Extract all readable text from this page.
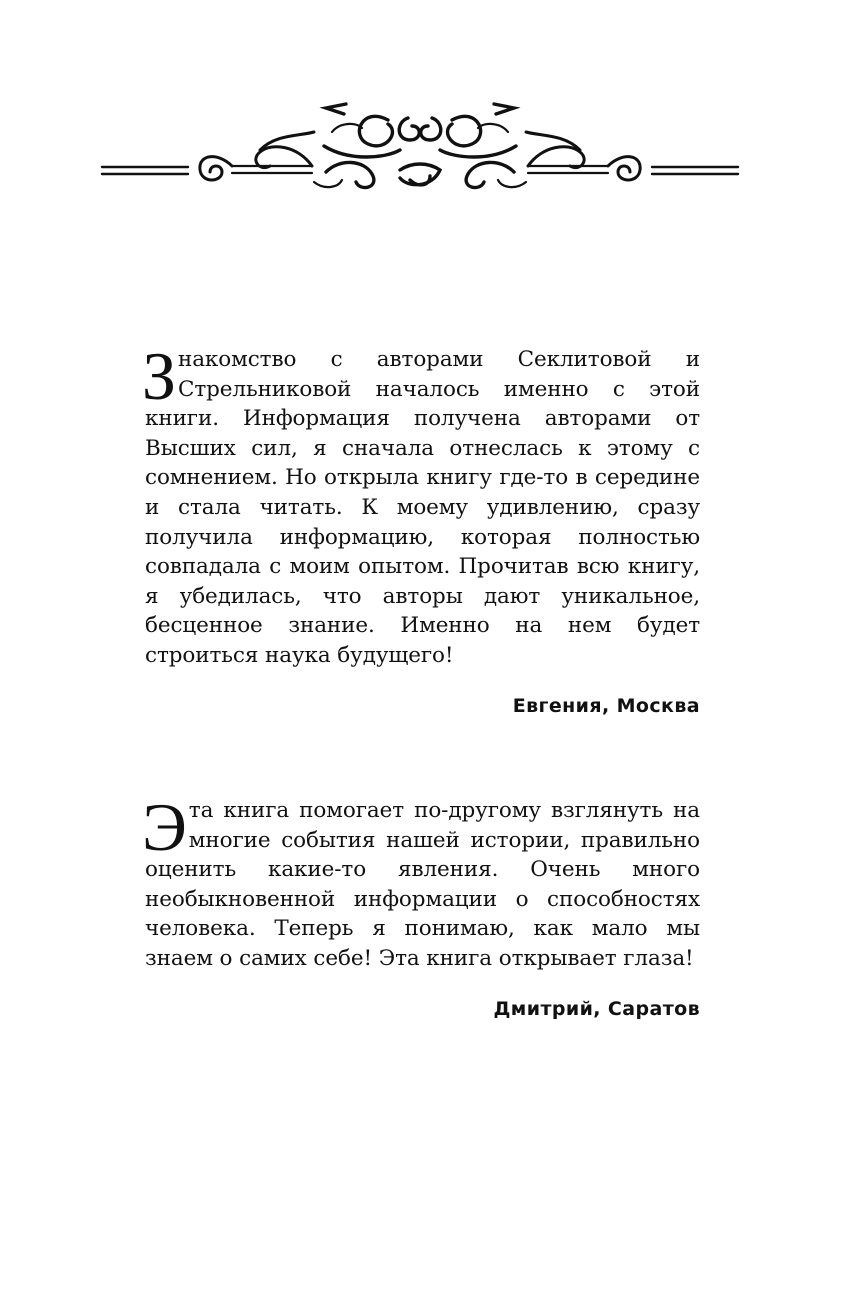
Знакомство с авторами Секлитовой и Стрельниковой началось именно с этой книги. Информация получена авторами от Высших сил, я сначала отнеслась к этому с сомнением. Но открыла книгу где-то в середине и стала читать. К моему удивлению, сразу получила информацию, которая полностью совпадала с моим опытом. Прочитав всю книгу, я убедилась, что авторы дают уникальное, бесценное знание. Именно на нем будет строиться наука будущего!

Евгения, Москва

Эта книга помогает по-другому взглянуть на многие события нашей истории, правильно оценить какие-то явления. Очень много необыкновенной информации о способностях человека. Теперь я понимаю, как мало мы знаем о самих себе! Эта книга открывает глаза!

Дмитрий, Саратов
